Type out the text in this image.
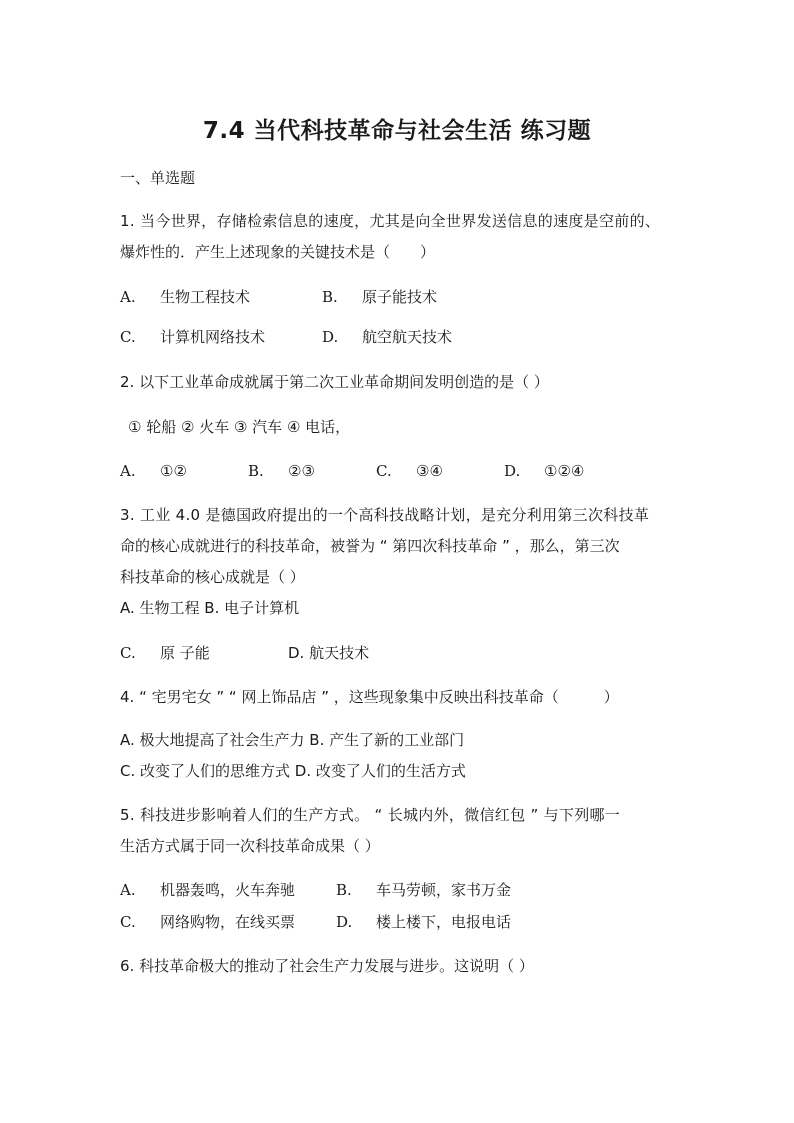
7.4 当代科技革命与社会生活 练习题
一、单选题
1. 当今世界，存储检索信息的速度，尤其是向全世界发送信息的速度是空前的、
爆炸性的．产生上述现象的关键技术是（　　）
A. 生物工程技术	B. 原子能技术
C. 计算机网络技术	D. 航空航天技术
2. 以下工业革命成就属于第二次工业革命期间发明创造的是（ ）
① 轮船 ② 火车 ③ 汽车 ④ 电话，
A. ①②	B. ②③	C. ③④	D. ①②④
3. 工业 4.0 是德国政府提出的一个高科技战略计划，是充分利用第三次科技革
命的核心成就进行的科技革命，被誉为 “ 第四次科技革命 ” ，那么，第三次
科技革命的核心成就是（ ）
A. 生物工程 B. 电子计算机
C. 原 子能	D. 航天技术
4. “ 宅男宅女 ” “ 网上饰品店 ” ，这些现象集中反映出科技革命（　　　）
A. 极大地提高了社会生产力 B. 产生了新的工业部门
C. 改变了人们的思维方式 D. 改变了人们的生活方式
5. 科技进步影响着人们的生产方式。 “ 长城内外，微信红包 ” 与下列哪一
生活方式属于同一次科技革命成果（ ）
A. 机器轰鸣，火车奔驰	B. 车马劳顿，家书万金
C. 网络购物，在线买票	D. 楼上楼下，电报电话
6. 科技革命极大的推动了社会生产力发展与进步。这说明（ ）
